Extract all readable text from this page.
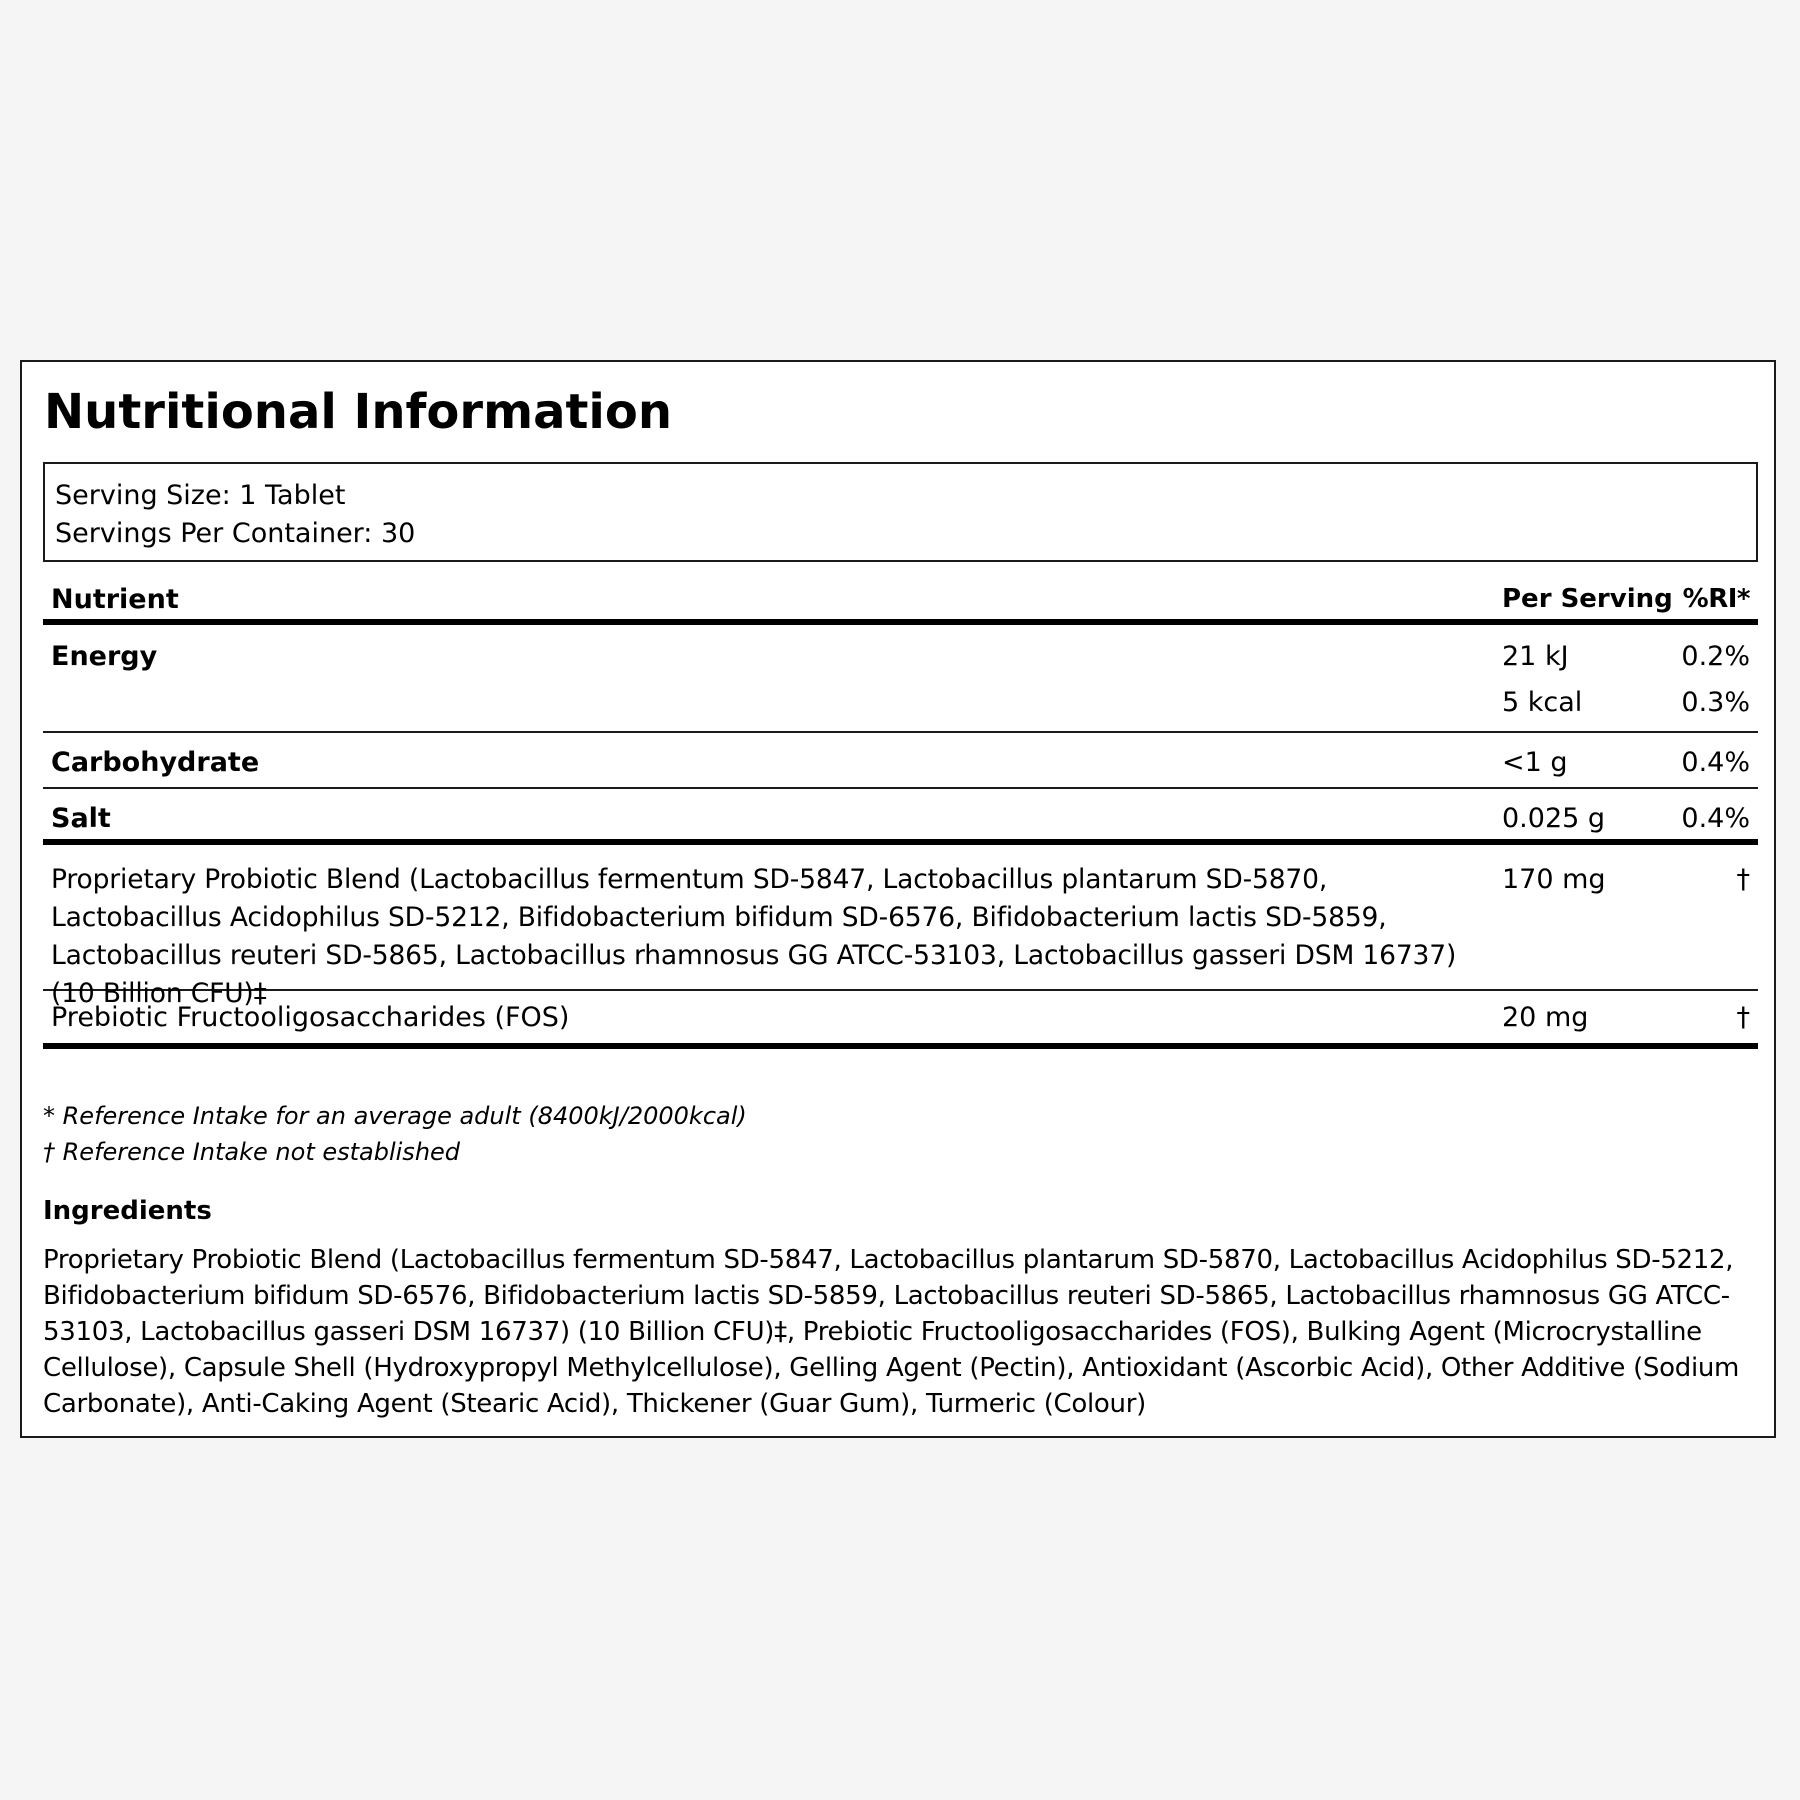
Nutritional Information
Serving Size: 1 Tablet
Servings Per Container: 30
Nutrient	Per Serving %RI*
Energy	21 kJ	0.2%
5 kcal	0.3%
Carbohydrate	<1 g	0.4%
Salt	0.025 g	0.4%
Proprietary Probiotic Blend (Lactobacillus fermentum SD-5847, Lactobacillus plantarum SD-5870, Lactobacillus Acidophilus SD-5212, Bifidobacterium bifidum SD-6576, Bifidobacterium lactis SD-5859, Lactobacillus reuteri SD-5865, Lactobacillus rhamnosus GG ATCC-53103, Lactobacillus gasseri DSM 16737) (10 Billion CFU)‡
170 mg	†
Prebiotic Fructooligosaccharides (FOS)	20 mg	†
* Reference Intake for an average adult (8400kJ/2000kcal)
† Reference Intake not established
Ingredients

Proprietary Probiotic Blend (Lactobacillus fermentum SD-5847, Lactobacillus plantarum SD-5870, Lactobacillus Acidophilus SD-5212, Bifidobacterium bifidum SD-6576, Bifidobacterium lactis SD-5859, Lactobacillus reuteri SD-5865, Lactobacillus rhamnosus GG ATCC-53103, Lactobacillus gasseri DSM 16737) (10 Billion CFU)‡, Prebiotic Fructooligosaccharides (FOS), Bulking Agent (Microcrystalline Cellulose), Capsule Shell (Hydroxypropyl Methylcellulose), Gelling Agent (Pectin), Antioxidant (Ascorbic Acid), Other Additive (Sodium Carbonate), Anti-Caking Agent (Stearic Acid), Thickener (Guar Gum), Turmeric (Colour)
